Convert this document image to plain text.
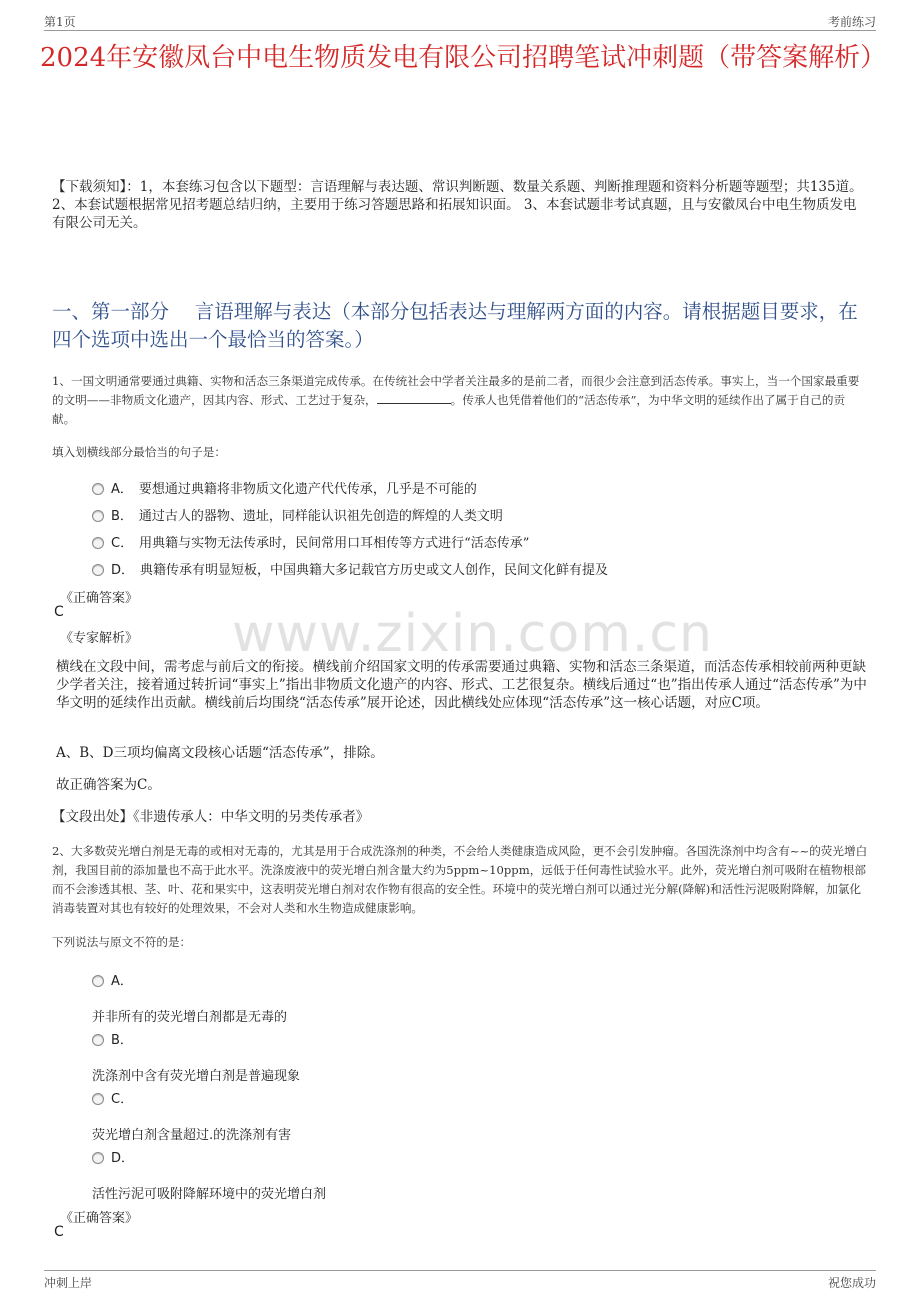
第1页	考前练习
2024年安徽凤台中电生物质发电有限公司招聘笔试冲刺题（带答案解析）
【下载须知】：1，本套练习包含以下题型：言语理解与表达题、常识判断题、数量关系题、判断推理题和资料分析题等题型；共135道。 2、本套试题根据常见招考题总结归纳，主要用于练习答题思路和拓展知识面。 3、本套试题非考试真题，且与安徽凤台中电生物质发电有限公司无关。
一、第一部分　 言语理解与表达（本部分包括表达与理解两方面的内容。请根据题目要求，在四个选项中选出一个最恰当的答案。）
1、一国文明通常要通过典籍、实物和活态三条渠道完成传承。在传统社会中学者关注最多的是前二者，而很少会注意到活态传承。事实上，当一个国家最重要的文明——非物质文化遗产，因其内容、形式、工艺过于复杂，	。传承人也凭借着他们的“活态传承”，为中华文明的延续作出了属于自己的贡献。
填入划横线部分最恰当的句子是：
A． 要想通过典籍将非物质文化遗产代代传承，几乎是不可能的
B． 通过古人的器物、遗址，同样能认识祖先创造的辉煌的人类文明
C． 用典籍与实物无法传承时，民间常用口耳相传等方式进行“活态传承”
D． 典籍传承有明显短板，中国典籍大多记载官方历史或文人创作，民间文化鲜有提及
《正确答案》
C
《专家解析》 www.zixin.com.cn
横线在文段中间，需考虑与前后文的衔接。横线前介绍国家文明的传承需要通过典籍、实物和活态三条渠道，而活态传承相较前两种更缺少学者关注，接着通过转折词“事实上”指出非物质文化遗产的内容、形式、工艺很复杂。横线后通过“也”指出传承人通过“活态传承”为中华文明的延续作出贡献。横线前后均围绕“活态传承”展开论述，因此横线处应体现“活态传承”这一核心话题，对应C项。
A、B、D三项均偏离文段核心话题“活态传承”，排除。
故正确答案为C。
【文段出处】《非遗传承人：中华文明的另类传承者》
2、大多数荧光增白剂是无毒的或相对无毒的，尤其是用于合成洗涤剂的种类，不会给人类健康造成风险，更不会引发肿瘤。各国洗涤剂中均含有~~的荧光增白剂，我国目前的添加量也不高于此水平。洗涤废液中的荧光增白剂含量大约为5ppm~10ppm，远低于任何毒性试验水平。此外，荧光增白剂可吸附在植物根部而不会渗透其根、茎、叶、花和果实中，这表明荧光增白剂对农作物有很高的安全性。环境中的荧光增白剂可以通过光分解(降解)和活性污泥吸附降解，加氯化消毒装置对其也有较好的处理效果，不会对人类和水生物造成健康影响。
下列说法与原文不符的是：
A．
并非所有的荧光增白剂都是无毒的
B．
洗涤剂中含有荧光增白剂是普遍现象
C．
荧光增白剂含量超过.的洗涤剂有害
D．
活性污泥可吸附降解环境中的荧光增白剂
《正确答案》
C
冲刺上岸	祝您成功
